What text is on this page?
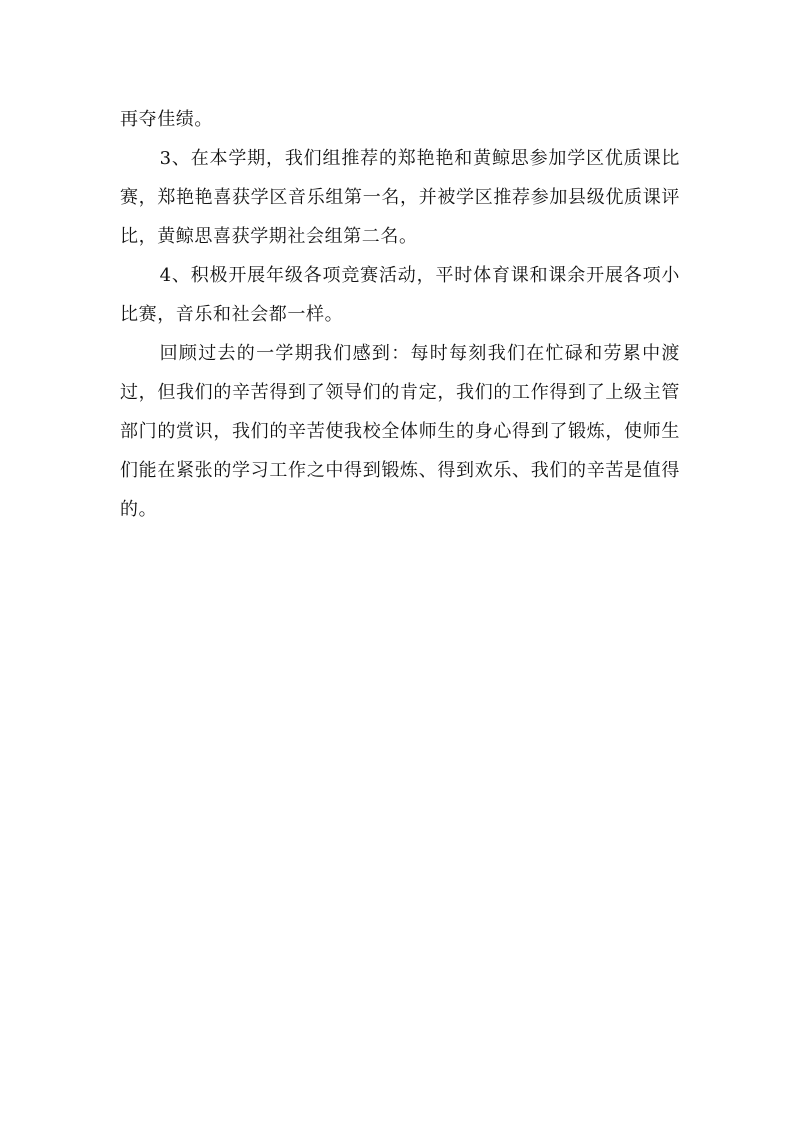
再夺佳绩。

3、在本学期，我们组推荐的郑艳艳和黄鲸思参加学区优质课比赛，郑艳艳喜获学区音乐组第一名，并被学区推荐参加县级优质课评比，黄鲸思喜获学期社会组第二名。

4、积极开展年级各项竞赛活动，平时体育课和课余开展各项小比赛，音乐和社会都一样。

回顾过去的一学期我们感到：每时每刻我们在忙碌和劳累中渡过，但我们的辛苦得到了领导们的肯定，我们的工作得到了上级主管部门的赏识，我们的辛苦使我校全体师生的身心得到了锻炼，使师生们能在紧张的学习工作之中得到锻炼、得到欢乐、我们的辛苦是值得的。
